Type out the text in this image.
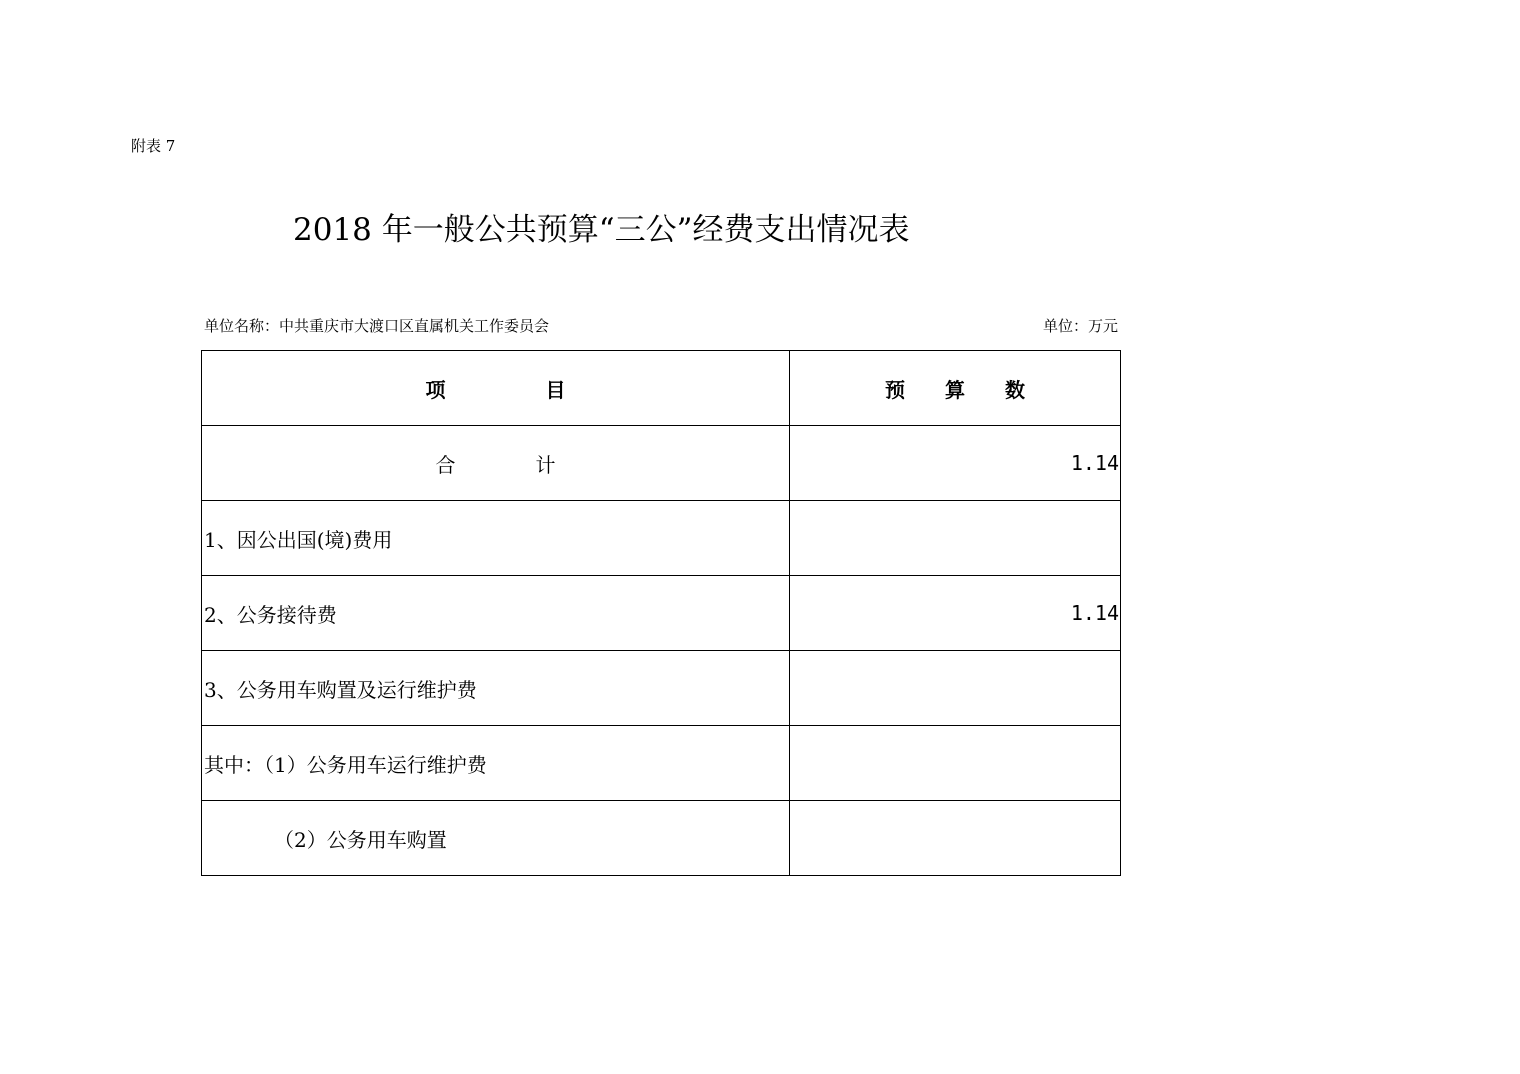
附表 7
2018 年一般公共预算“三公”经费支出情况表
单位名称：中共重庆市大渡口区直属机关工作委员会	单位：万元
项　　　　　目	预　　算　　数
合　　　　计	1.14
1、因公出国(境)费用	
2、公务接待费	1.14
3、公务用车购置及运行维护费	
其中：（1）公务用车运行维护费	
（2）公务用车购置	
